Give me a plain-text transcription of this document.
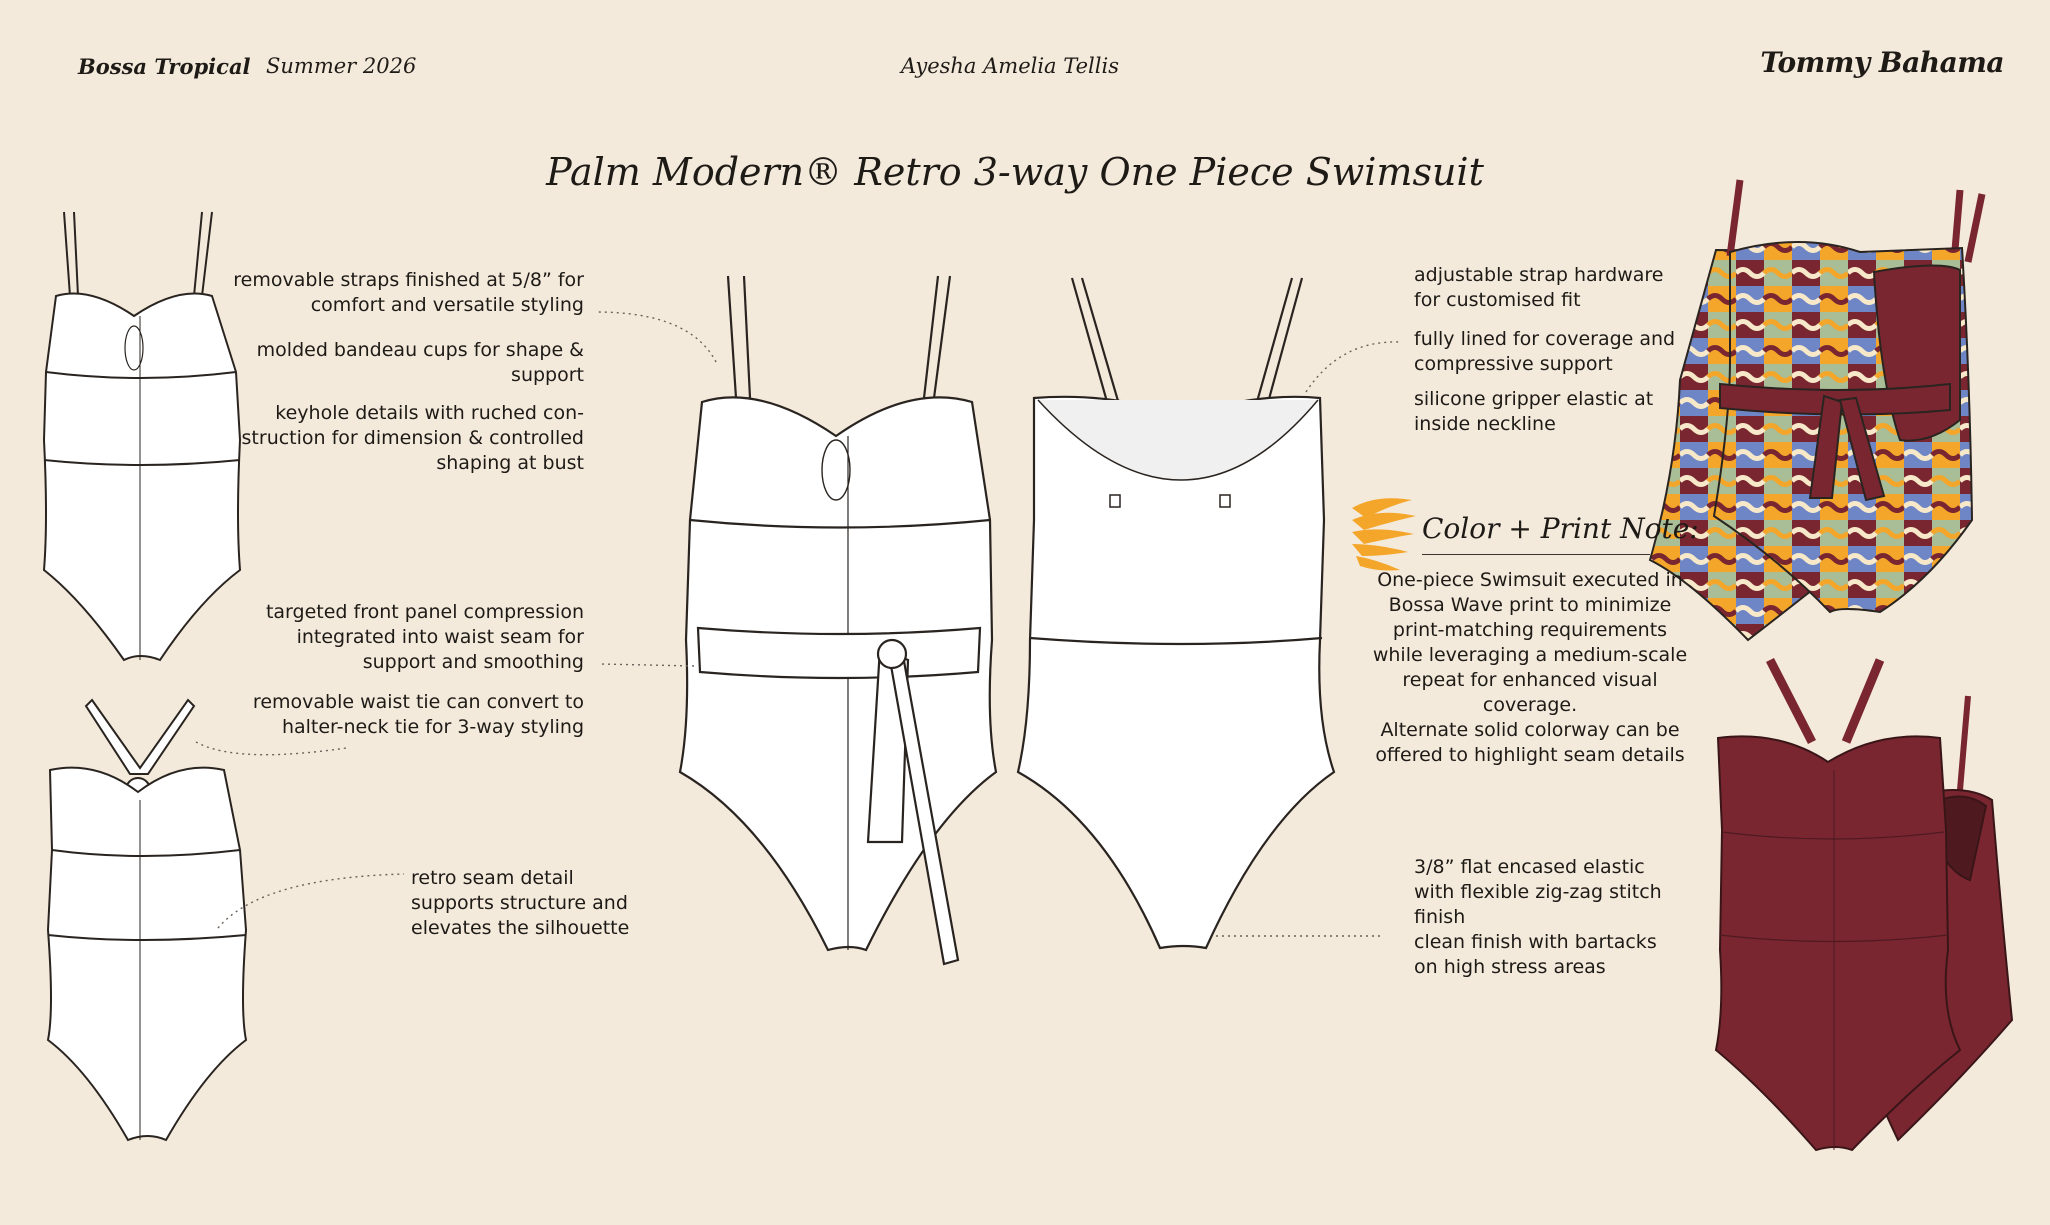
Bossa Tropical Summer 2026	Ayesha Amelia Tellis	Tommy Bahama
Palm Modern® Retro 3-way One Piece Swimsuit
removable straps finished at 5/8” for comfort and versatile styling
molded bandeau cups for shape & support
keyhole details with ruched con-struction for dimension & controlled shaping at bust
targeted front panel compression integrated into waist seam for support and smoothing
removable waist tie can convert to halter-neck tie for 3-way styling
retro seam detail supports structure and elevates the silhouette
adjustable strap hardware for customised fit
fully lined for coverage and compressive support
silicone gripper elastic at inside neckline
3/8” flat encased elastic with flexible zig-zag stitch finish
clean finish with bartacks on high stress areas
Color + Print Note:
One-piece Swimsuit executed in Bossa Wave print to minimize print-matching requirements while leveraging a medium-scale repeat for enhanced visual coverage.
Alternate solid colorway can be offered to highlight seam details
